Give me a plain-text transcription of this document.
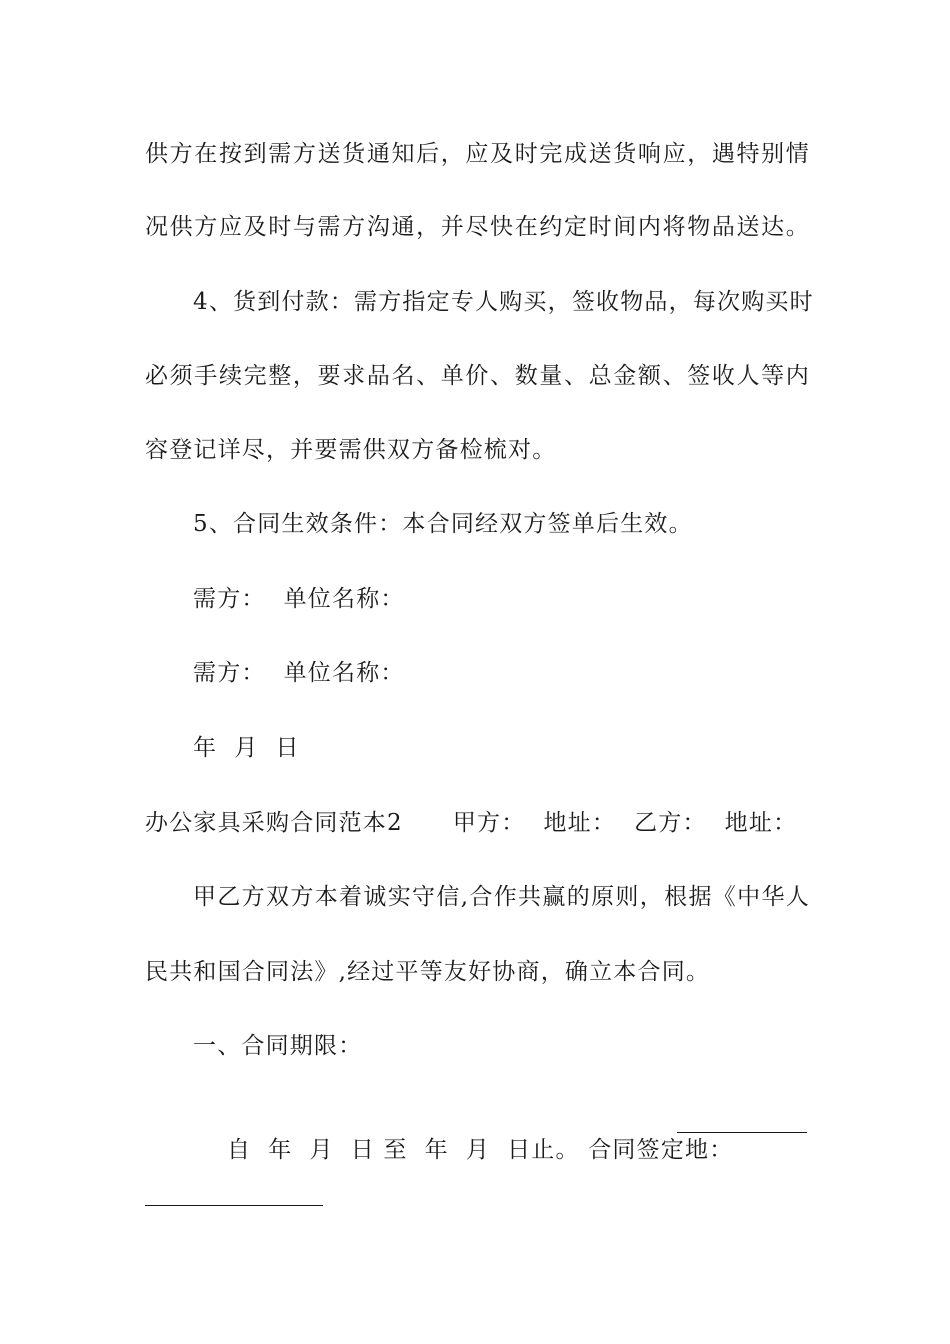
供方在按到需方送货通知后，应及时完成送货响应，遇特别情
况供方应及时与需方沟通，并尽快在约定时间内将物品送达。
4、货到付款：需方指定专人购买，签收物品，每次购买时
必须手续完整，要求品名、单价、数量、总金额、签收人等内
容登记详尽，并要需供双方备检梳对。
5、合同生效条件：本合同经双方签单后生效。
需方： 单位名称：
需方： 单位名称：
年  月  日
办公家具采购合同范本2 甲方： 地址： 乙方： 地址：
甲乙方双方本着诚实守信,合作共赢的原则，根据《中华人
民共和国合同法》,经过平等友好协商，确立本合同。
一、合同期限：

自  年  月  日 至  年  月  日止。 合同签定地：
